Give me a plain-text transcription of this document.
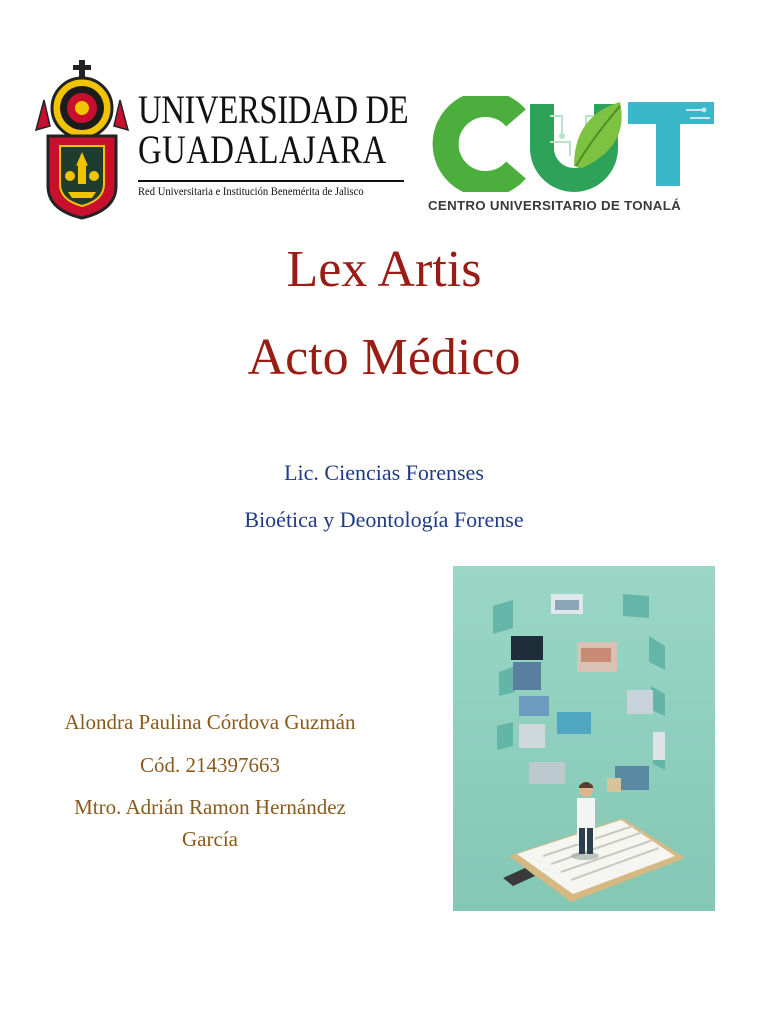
UNIVERSIDAD DE
GUADALAJARA
Red Universitaria e Institución Benemérita de Jalisco
CENTRO UNIVERSITARIO DE TONALÁ
Lex Artis
Acto Médico
Lic. Ciencias Forenses
Bioética y Deontología Forense
Alondra Paulina Córdova Guzmán
Cód. 214397663
Mtro. Adrián Ramon Hernández
García
